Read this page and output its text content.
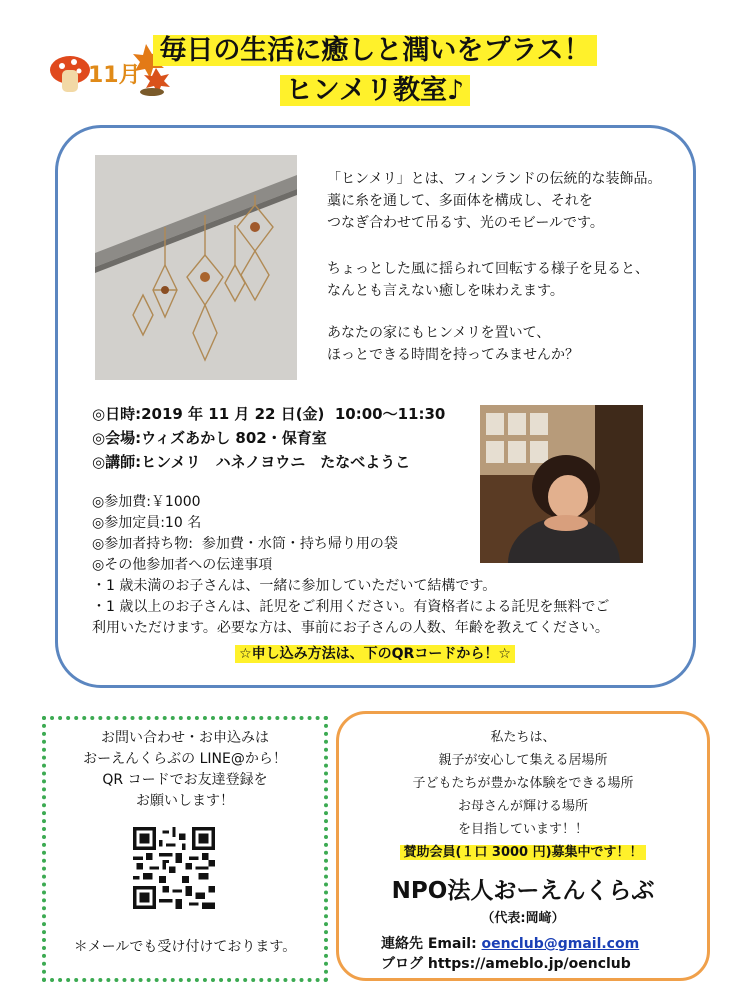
11月
毎日の生活に癒しと潤いをプラス！
ヒンメリ教室♪
「ヒンメリ」とは、フィンランドの伝統的な装飾品。
藁に糸を通して、多面体を構成し、それを
つなぎ合わせて吊るす、光のモビールです。
ちょっとした風に揺られて回転する様子を見ると、
なんとも言えない癒しを味わえます。
あなたの家にもヒンメリを置いて、
ほっとできる時間を持ってみませんか？
◎日時:2019 年 11 月 22 日(金)  10:00～11:30
◎会場:ウィズあかし 802・保育室
◎講師:ヒンメリ　ハネノヨウニ　たなべようこ
◎参加費:￥1000
◎参加定員:10 名
◎参加者持ち物:  参加費・水筒・持ち帰り用の袋
◎その他参加者への伝達事項
・1 歳未満のお子さんは、一緒に参加していただいて結構です。
・1 歳以上のお子さんは、託児をご利用ください。有資格者による託児を無料でご
利用いただけます。必要な方は、事前にお子さんの人数、年齢を教えてください。
☆申し込み方法は、下のQRコードから！☆
お問い合わせ・お申込みは
おーえんくらぶの LINE@から！
QR コードでお友達登録を
お願いします！
＊メールでも受け付けております。
私たちは、
親子が安心して集える居場所
子どもたちが豊かな体験をできる場所
お母さんが輝ける場所
を目指しています！！
賛助会員(１口 3000 円)募集中です！！
NPO法人おーえんくらぶ
（代表:岡﨑）
連絡先 Email: oenclub@gmail.com
ブログ https://ameblo.jp/oenclub
